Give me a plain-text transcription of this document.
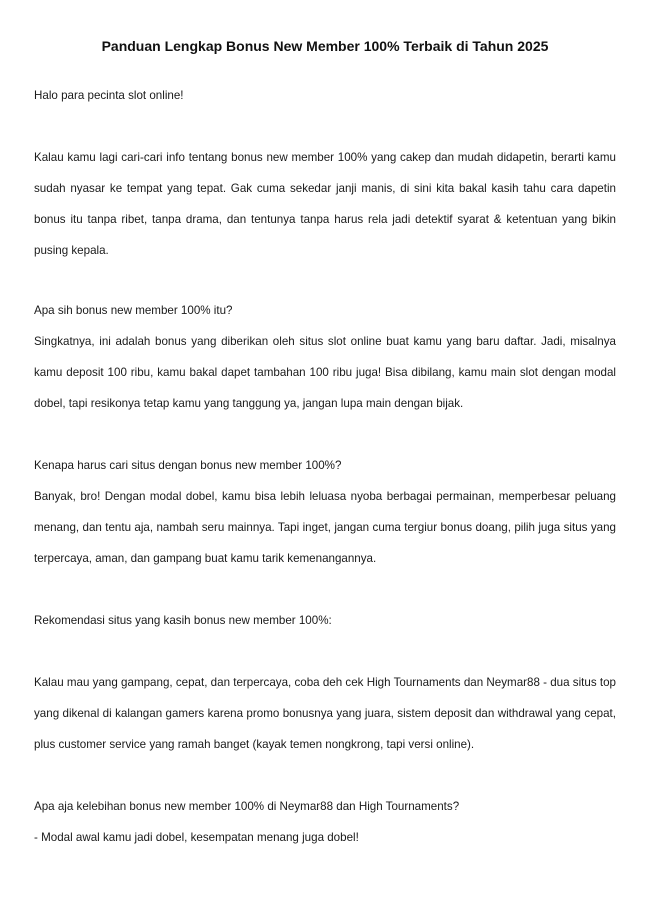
Panduan Lengkap Bonus New Member 100% Terbaik di Tahun 2025

Halo para pecinta slot online!

Kalau kamu lagi cari-cari info tentang bonus new member 100% yang cakep dan mudah didapetin, berarti kamu sudah nyasar ke tempat yang tepat. Gak cuma sekedar janji manis, di sini kita bakal kasih tahu cara dapetin bonus itu tanpa ribet, tanpa drama, dan tentunya tanpa harus rela jadi detektif syarat & ketentuan yang bikin pusing kepala.

Apa sih bonus new member 100% itu?

Singkatnya, ini adalah bonus yang diberikan oleh situs slot online buat kamu yang baru daftar. Jadi, misalnya kamu deposit 100 ribu, kamu bakal dapet tambahan 100 ribu juga! Bisa dibilang, kamu main slot dengan modal dobel, tapi resikonya tetap kamu yang tanggung ya, jangan lupa main dengan bijak.

Kenapa harus cari situs dengan bonus new member 100%?

Banyak, bro! Dengan modal dobel, kamu bisa lebih leluasa nyoba berbagai permainan, memperbesar peluang menang, dan tentu aja, nambah seru mainnya. Tapi inget, jangan cuma tergiur bonus doang, pilih juga situs yang terpercaya, aman, dan gampang buat kamu tarik kemenangannya.

Rekomendasi situs yang kasih bonus new member 100%:

Kalau mau yang gampang, cepat, dan terpercaya, coba deh cek High Tournaments dan Neymar88 - dua situs top yang dikenal di kalangan gamers karena promo bonusnya yang juara, sistem deposit dan withdrawal yang cepat, plus customer service yang ramah banget (kayak temen nongkrong, tapi versi online).

Apa aja kelebihan bonus new member 100% di Neymar88 dan High Tournaments?

- Modal awal kamu jadi dobel, kesempatan menang juga dobel!
